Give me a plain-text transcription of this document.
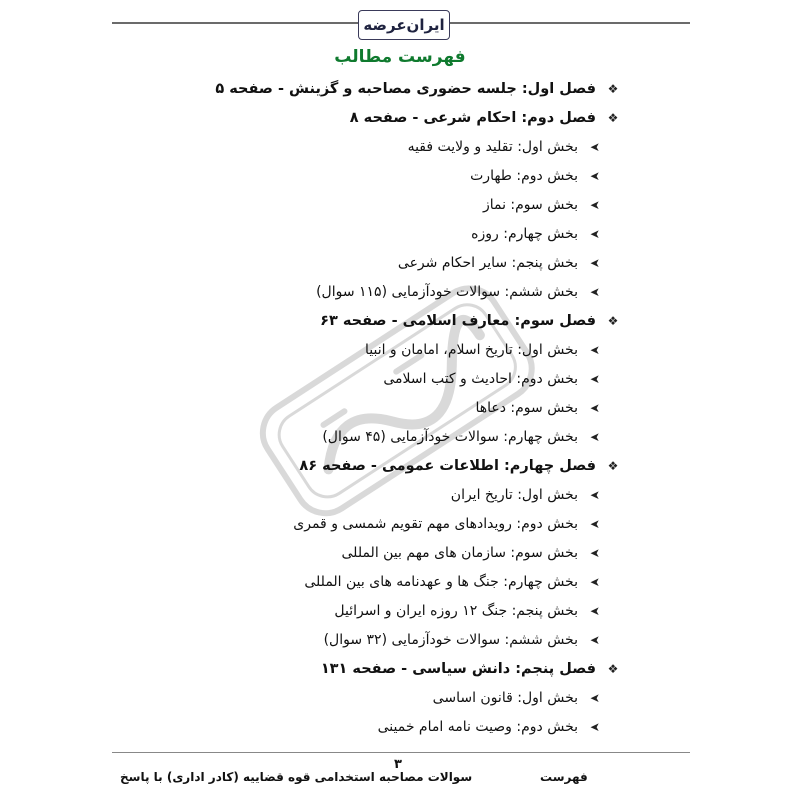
ایران‌عرضه
فهرست مطالب
❖
فصل اول: جلسه حضوری مصاحبه و گزینش - صفحه ۵
❖
فصل دوم: احکام شرعی - صفحه ۸
➤
بخش اول: تقلید و ولایت فقیه
➤
بخش دوم: طهارت
➤
بخش سوم: نماز
➤
بخش چهارم: روزه
➤
بخش پنجم: سایر احکام شرعی
➤
بخش ششم: سوالات خودآزمایی (۱۱۵ سوال)
❖
فصل سوم: معارف اسلامی - صفحه ۶۳
➤
بخش اول: تاریخ اسلام، امامان و انبیا
➤
بخش دوم: احادیث و کتب اسلامی
➤
بخش سوم: دعاها
➤
بخش چهارم: سوالات خودآزمایی (۴۵ سوال)
❖
فصل چهارم: اطلاعات عمومی - صفحه ۸۶
➤
بخش اول: تاریخ ایران
➤
بخش دوم: رویدادهای مهم تقویم شمسی و قمری
➤
بخش سوم: سازمان های مهم بین المللی
➤
بخش چهارم: جنگ ها و عهدنامه های بین المللی
➤
بخش پنجم: جنگ ۱۲ روزه ایران و اسرائیل
➤
بخش ششم: سوالات خودآزمایی (۳۲ سوال)
❖
فصل پنجم: دانش سیاسی - صفحه ۱۳۱
➤
بخش اول: قانون اساسی
➤
بخش دوم: وصیت نامه امام خمینی
۳
سوالات مصاحبه استخدامی قوه قضاییه (کادر اداری) با پاسخ	فهرست
